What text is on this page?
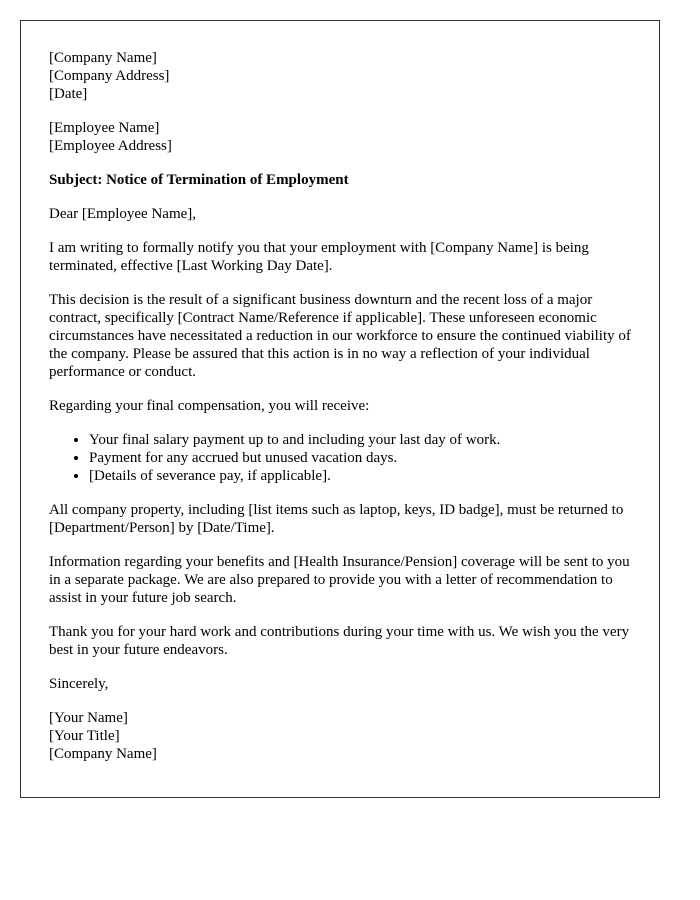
[Company Name]
[Company Address]
[Date]
[Employee Name]
[Employee Address]

Subject: Notice of Termination of Employment

Dear [Employee Name],

I am writing to formally notify you that your employment with [Company Name] is being terminated, effective [Last Working Day Date].

This decision is the result of a significant business downturn and the recent loss of a major contract, specifically [Contract Name/Reference if applicable]. These unforeseen economic circumstances have necessitated a reduction in our workforce to ensure the continued viability of the company. Please be assured that this action is in no way a reflection of your individual performance or conduct.

Regarding your final compensation, you will receive:

• Your final salary payment up to and including your last day of work.
• Payment for any accrued but unused vacation days.
• [Details of severance pay, if applicable].

All company property, including [list items such as laptop, keys, ID badge], must be returned to [Department/Person] by [Date/Time].

Information regarding your benefits and [Health Insurance/Pension] coverage will be sent to you in a separate package. We are also prepared to provide you with a letter of recommendation to assist in your future job search.

Thank you for your hard work and contributions during your time with us. We wish you the very best in your future endeavors.

Sincerely,

[Your Name]
[Your Title]
[Company Name]
